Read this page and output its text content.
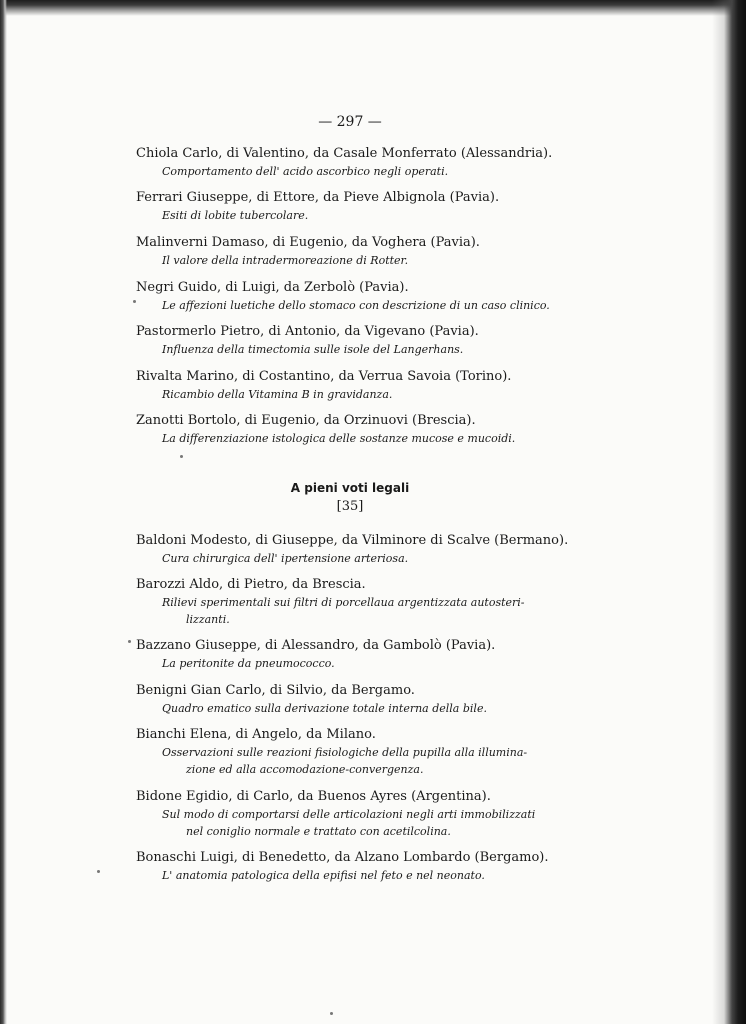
— 297 —
Chiola Carlo, di Valentino, da Casale Monferrato (Alessandria).
Comportamento dell' acido ascorbico negli operati.
Ferrari Giuseppe, di Ettore, da Pieve Albignola (Pavia).
Esiti di lobite tubercolare.
Malinverni Damaso, di Eugenio, da Voghera (Pavia).
Il valore della intradermoreazione di Rotter.
Negri Guido, di Luigi, da Zerbolò (Pavia).
Le affezioni luetiche dello stomaco con descrizione di un caso clinico.
Pastormerlo Pietro, di Antonio, da Vigevano (Pavia).
Influenza della timectomia sulle isole del Langerhans.
Rivalta Marino, di Costantino, da Verrua Savoia (Torino).
Ricambio della Vitamina B in gravidanza.
Zanotti Bortolo, di Eugenio, da Orzinuovi (Brescia).
La differenziazione istologica delle sostanze mucose e mucoidi.
A pieni voti legali
[35]
Baldoni Modesto, di Giuseppe, da Vilminore di Scalve (Bermano).
Cura chirurgica dell' ipertensione arteriosa.
Barozzi Aldo, di Pietro, da Brescia.
Rilievi sperimentali sui filtri di porcellaua argentizzata autosteri-
lizzanti.
Bazzano Giuseppe, di Alessandro, da Gambolò (Pavia).
La peritonite da pneumococco.
Benigni Gian Carlo, di Silvio, da Bergamo.
Quadro ematico sulla derivazione totale interna della bile.
Bianchi Elena, di Angelo, da Milano.
Osservazioni sulle reazioni fisiologiche della pupilla alla illumina-
zione ed alla accomodazione-convergenza.
Bidone Egidio, di Carlo, da Buenos Ayres (Argentina).
Sul modo di comportarsi delle articolazioni negli arti immobilizzati
nel coniglio normale e trattato con acetilcolina.
Bonaschi Luigi, di Benedetto, da Alzano Lombardo (Bergamo).
L' anatomia patologica della epifisi nel feto e nel neonato.
